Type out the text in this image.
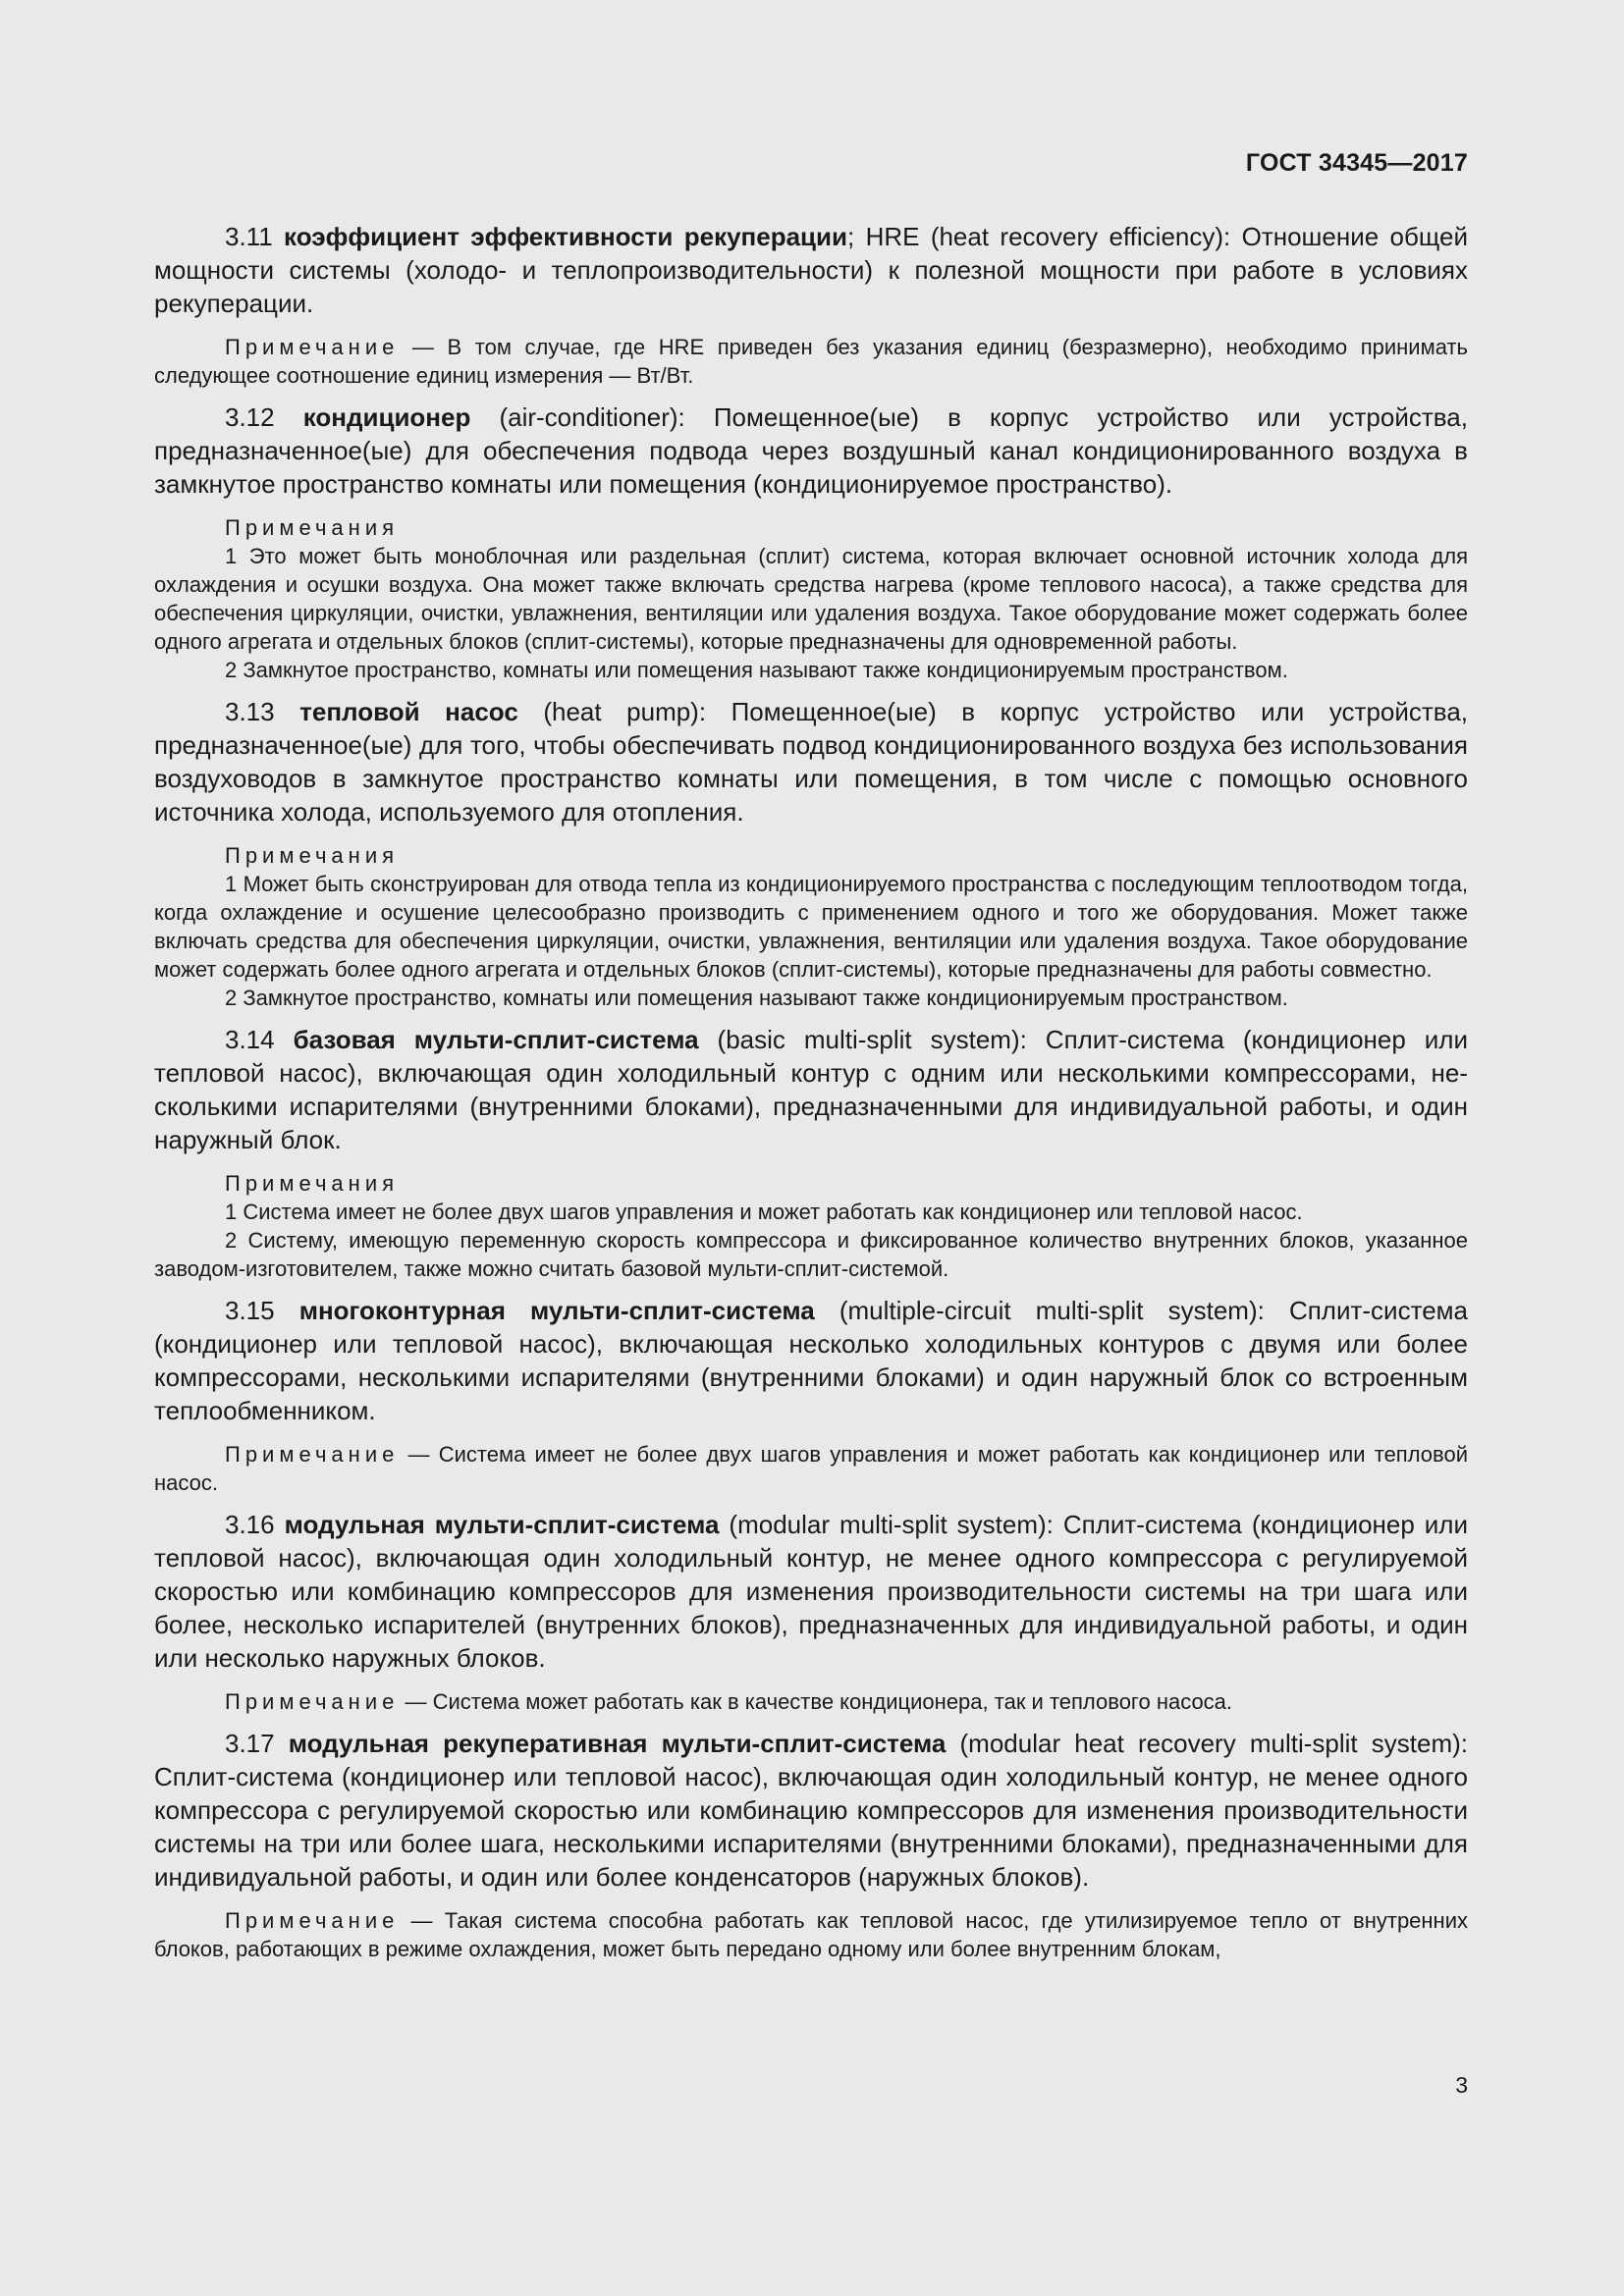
ГОСТ 34345—2017

3.11 коэффициент эффективности рекуперации; HRE (heat recovery efficiency): Отношение общей мощности системы (холодо- и теплопроизводительности) к полезной мощности при работе в условиях рекуперации.

Примечание — В том случае, где HRE приведен без указания единиц (безразмерно), необходимо принимать следующее соотношение единиц измерения — Вт/Вт.

3.12 кондиционер (air-conditioner): Помещенное(ые) в корпус устройство или устройства, предназначенное(ые) для обеспечения подвода через воздушный канал кондиционированного воздуха в замкнутое пространство комнаты или помещения (кондиционируемое пространство).

Примечания

1 Это может быть моноблочная или раздельная (сплит) система, которая включает основной источник холода для охлаждения и осушки воздуха. Она может также включать средства нагрева (кроме теплового насоса), а также средства для обеспечения циркуляции, очистки, увлажнения, вентиляции или удаления воздуха. Такое оборудование может содержать более одного агрегата и отдельных блоков (сплит-системы), которые предназначены для одновременной работы.

2 Замкнутое пространство, комнаты или помещения называют также кондиционируемым пространством.

3.13 тепловой насос (heat pump): Помещенное(ые) в корпус устройство или устройства, предназначенное(ые) для того, чтобы обеспечивать подвод кондиционированного воздуха без использования воздуховодов в замкнутое пространство комнаты или помещения, в том числе с помощью основного источника холода, используемого для отопления.

Примечания

1 Может быть сконструирован для отвода тепла из кондиционируемого пространства с последующим теплоотводом тогда, когда охлаждение и осушение целесообразно производить с применением одного и того же оборудования. Может также включать средства для обеспечения циркуляции, очистки, увлажнения, вентиляции или удаления воздуха. Такое оборудование может содержать более одного агрегата и отдельных блоков (сплит-системы), которые предназначены для работы совместно.

2 Замкнутое пространство, комнаты или помещения называют также кондиционируемым пространством.

3.14 базовая мульти-сплит-система (basic multi-split system): Сплит-система (кондиционер или тепловой насос), включающая один холодильный контур с одним или несколькими компрессорами, несколькими испарителями (внутренними блоками), предназначенными для индивидуальной работы, и один наружный блок.

Примечания

1 Система имеет не более двух шагов управления и может работать как кондиционер или тепловой насос.

2 Систему, имеющую переменную скорость компрессора и фиксированное количество внутренних блоков, указанное заводом-изготовителем, также можно считать базовой мульти-сплит-системой.

3.15 многоконтурная мульти-сплит-система (multiple-circuit multi-split system): Сплит-система (кондиционер или тепловой насос), включающая несколько холодильных контуров с двумя или более компрессорами, несколькими испарителями (внутренними блоками) и один наружный блок со встроенным теплообменником.

Примечание — Система имеет не более двух шагов управления и может работать как кондиционер или тепловой насос.

3.16 модульная мульти-сплит-система (modular multi-split system): Сплит-система (кондиционер или тепловой насос), включающая один холодильный контур, не менее одного компрессора с регулируемой скоростью или комбинацию компрессоров для изменения производительности системы на три шага или более, несколько испарителей (внутренних блоков), предназначенных для индивидуальной работы, и один или несколько наружных блоков.

Примечание — Система может работать как в качестве кондиционера, так и теплового насоса.

3.17 модульная рекуперативная мульти-сплит-система (modular heat recovery multi-split system): Сплит-система (кондиционер или тепловой насос), включающая один холодильный контур, не менее одного компрессора с регулируемой скоростью или комбинацию компрессоров для изменения производительности системы на три или более шага, несколькими испарителями (внутренними блоками), предназначенными для индивидуальной работы, и один или более конденсаторов (наружных блоков).

Примечание — Такая система способна работать как тепловой насос, где утилизируемое тепло от внутренних блоков, работающих в режиме охлаждения, может быть передано одному или более внутренним блокам,

3
